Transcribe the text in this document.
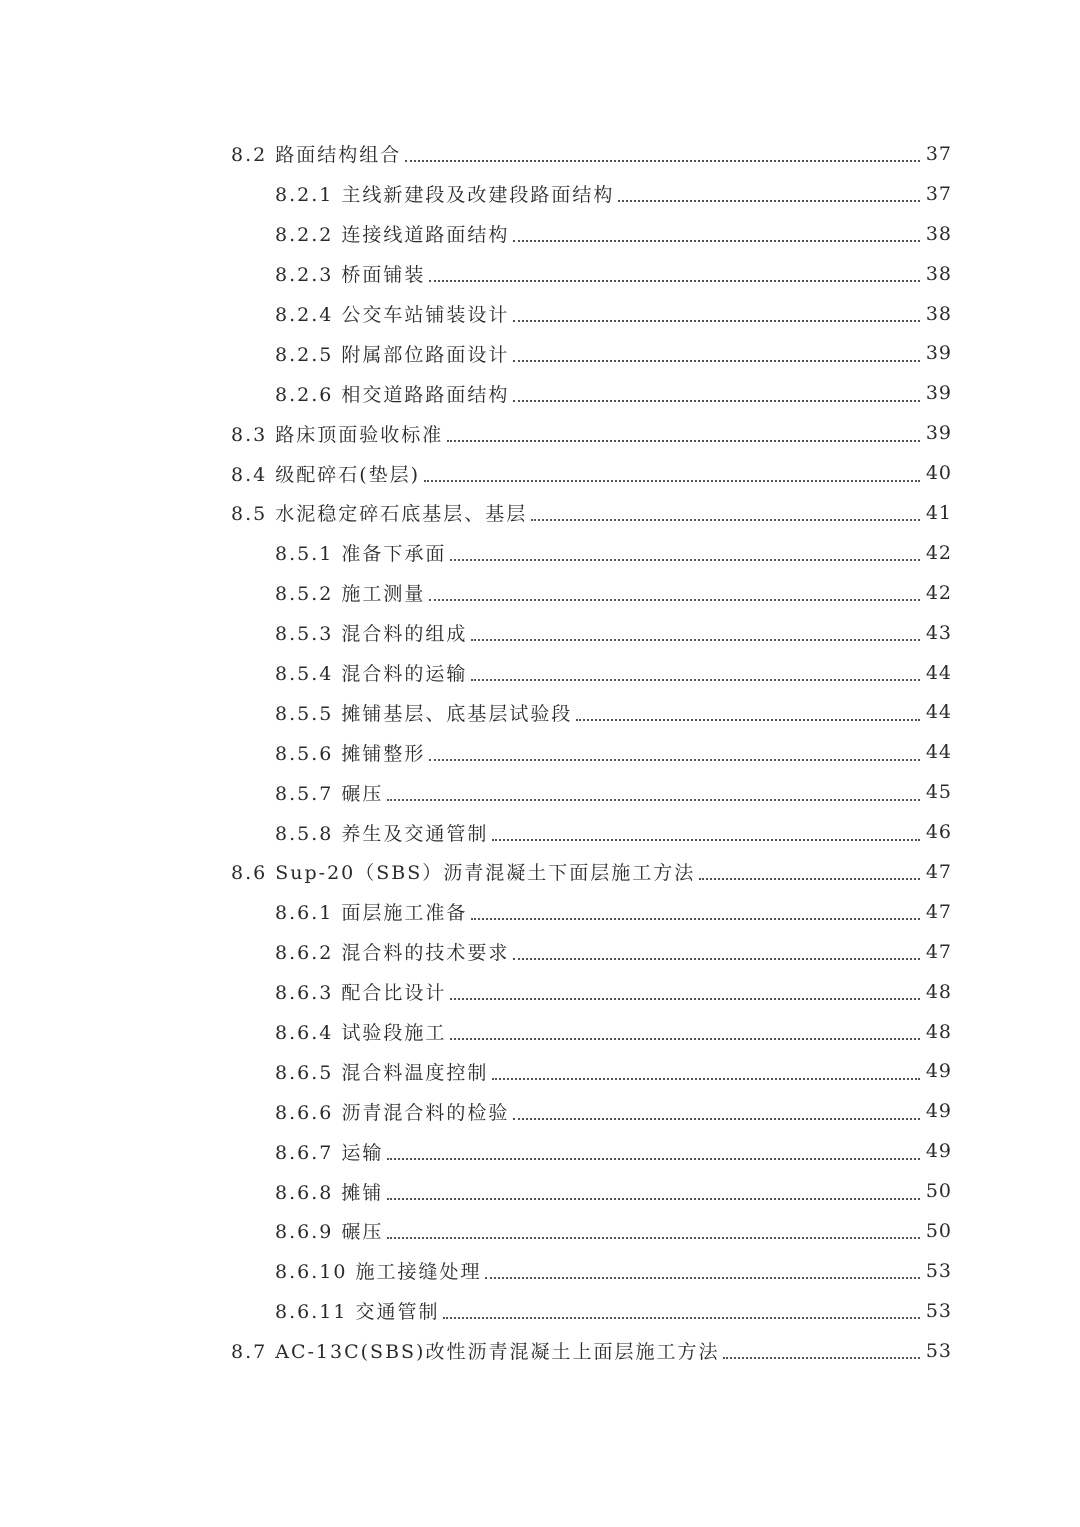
8.2 路面结构组合	37
8.2.1 主线新建段及改建段路面结构	37
8.2.2 连接线道路面结构	38
8.2.3 桥面铺装	38
8.2.4 公交车站铺装设计	38
8.2.5 附属部位路面设计	39
8.2.6 相交道路路面结构	39
8.3 路床顶面验收标准	39
8.4 级配碎石(垫层)	40
8.5 水泥稳定碎石底基层、基层	41
8.5.1 准备下承面	42
8.5.2 施工测量	42
8.5.3 混合料的组成	43
8.5.4 混合料的运输	44
8.5.5 摊铺基层、底基层试验段	44
8.5.6 摊铺整形	44
8.5.7 碾压	45
8.5.8 养生及交通管制	46
8.6 Sup-20（SBS）沥青混凝土下面层施工方法	47
8.6.1 面层施工准备	47
8.6.2 混合料的技术要求	47
8.6.3 配合比设计	48
8.6.4 试验段施工	48
8.6.5 混合料温度控制	49
8.6.6 沥青混合料的检验	49
8.6.7 运输	49
8.6.8 摊铺	50
8.6.9 碾压	50
8.6.10 施工接缝处理	53
8.6.11 交通管制	53
8.7 AC-13C(SBS)改性沥青混凝土上面层施工方法	53
